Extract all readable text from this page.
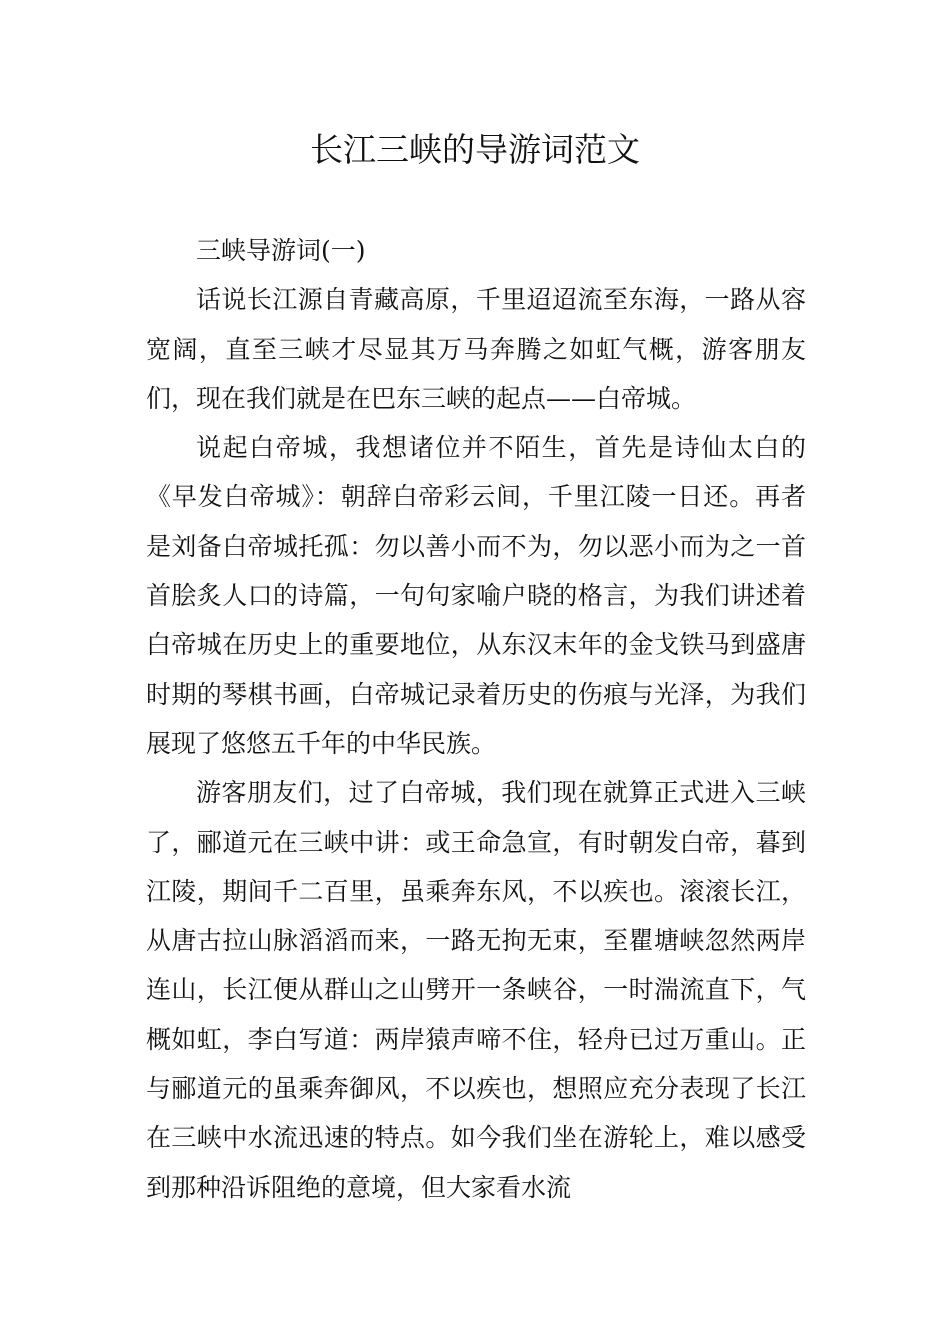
长江三峡的导游词范文

三峡导游词(一)

话说长江源自青藏高原，千里迢迢流至东海，一路从容宽阔，直至三峡才尽显其万马奔腾之如虹气概，游客朋友们，现在我们就是在巴东三峡的起点——白帝城。

说起白帝城，我想诸位并不陌生，首先是诗仙太白的《早发白帝城》：朝辞白帝彩云间，千里江陵一日还。再者是刘备白帝城托孤：勿以善小而不为，勿以恶小而为之一首首脍炙人口的诗篇，一句句家喻户晓的格言，为我们讲述着白帝城在历史上的重要地位，从东汉末年的金戈铁马到盛唐时期的琴棋书画，白帝城记录着历史的伤痕与光泽，为我们展现了悠悠五千年的中华民族。

游客朋友们，过了白帝城，我们现在就算正式进入三峡了，郦道元在三峡中讲：或王命急宣，有时朝发白帝，暮到江陵，期间千二百里，虽乘奔东风，不以疾也。滚滚长江，从唐古拉山脉滔滔而来，一路无拘无束，至瞿塘峡忽然两岸连山，长江便从群山之山劈开一条峡谷，一时湍流直下，气概如虹，李白写道：两岸猿声啼不住，轻舟已过万重山。正与郦道元的虽乘奔御风，不以疾也，想照应充分表现了长江在三峡中水流迅速的特点。如今我们坐在游轮上，难以感受到那种沿诉阻绝的意境，但大家看水流
